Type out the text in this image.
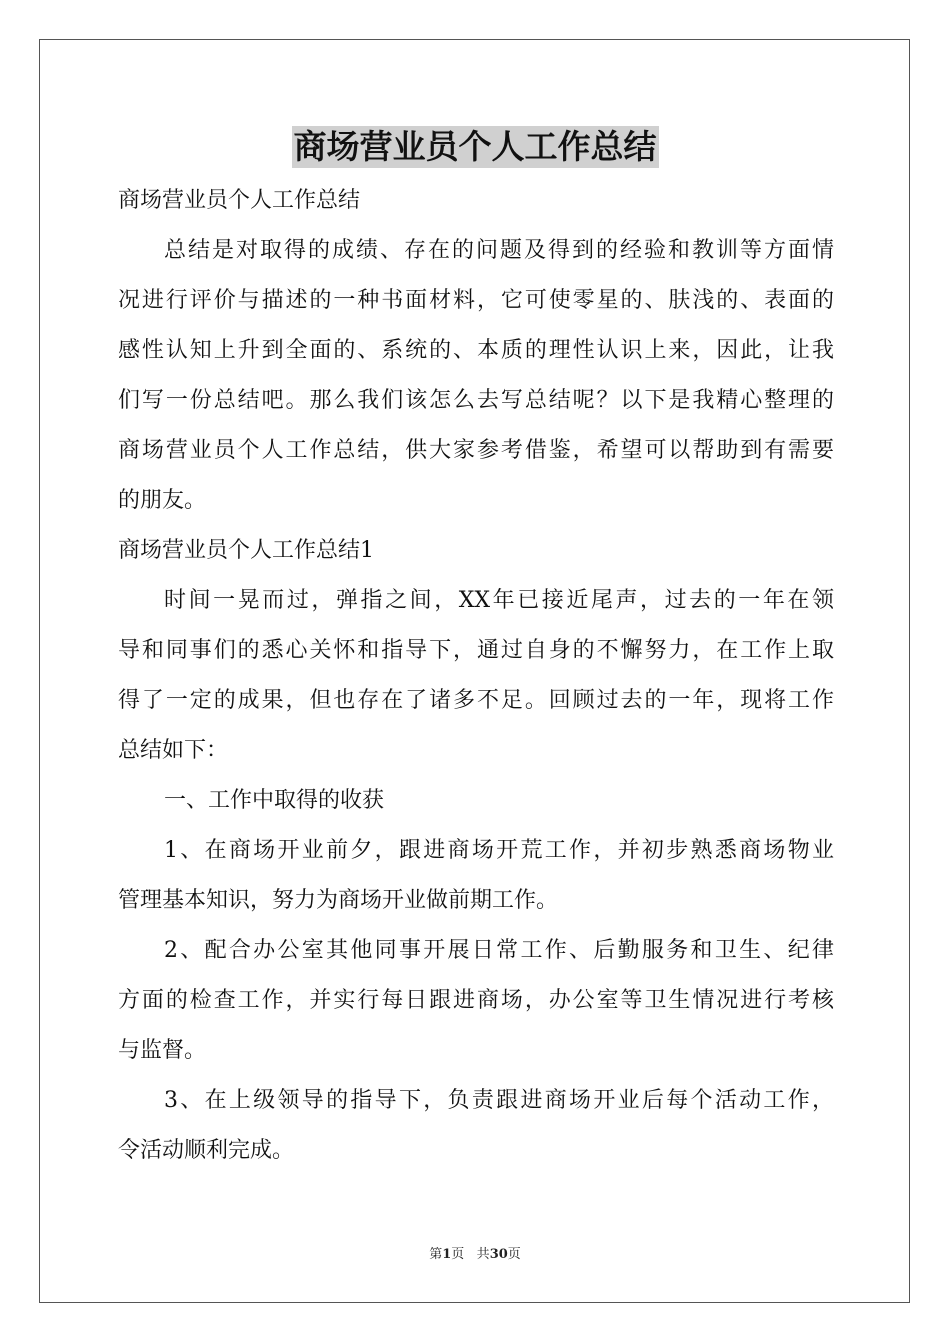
商场营业员个人工作总结
商场营业员个人工作总结
总结是对取得的成绩、存在的问题及得到的经验和教训等方面情
况进行评价与描述的一种书面材料，它可使零星的、肤浅的、表面的
感性认知上升到全面的、系统的、本质的理性认识上来，因此，让我
们写一份总结吧。那么我们该怎么去写总结呢？以下是我精心整理的
商场营业员个人工作总结，供大家参考借鉴，希望可以帮助到有需要
的朋友。
商场营业员个人工作总结1
时间一晃而过，弹指之间，XX年已接近尾声，过去的一年在领
导和同事们的悉心关怀和指导下，通过自身的不懈努力，在工作上取
得了一定的成果，但也存在了诸多不足。回顾过去的一年，现将工作
总结如下：
一、工作中取得的收获
1、在商场开业前夕，跟进商场开荒工作，并初步熟悉商场物业
管理基本知识，努力为商场开业做前期工作。
2、配合办公室其他同事开展日常工作、后勤服务和卫生、纪律
方面的检查工作，并实行每日跟进商场，办公室等卫生情况进行考核
与监督。
3、在上级领导的指导下，负责跟进商场开业后每个活动工作，
令活动顺利完成。
第1页 共30页
